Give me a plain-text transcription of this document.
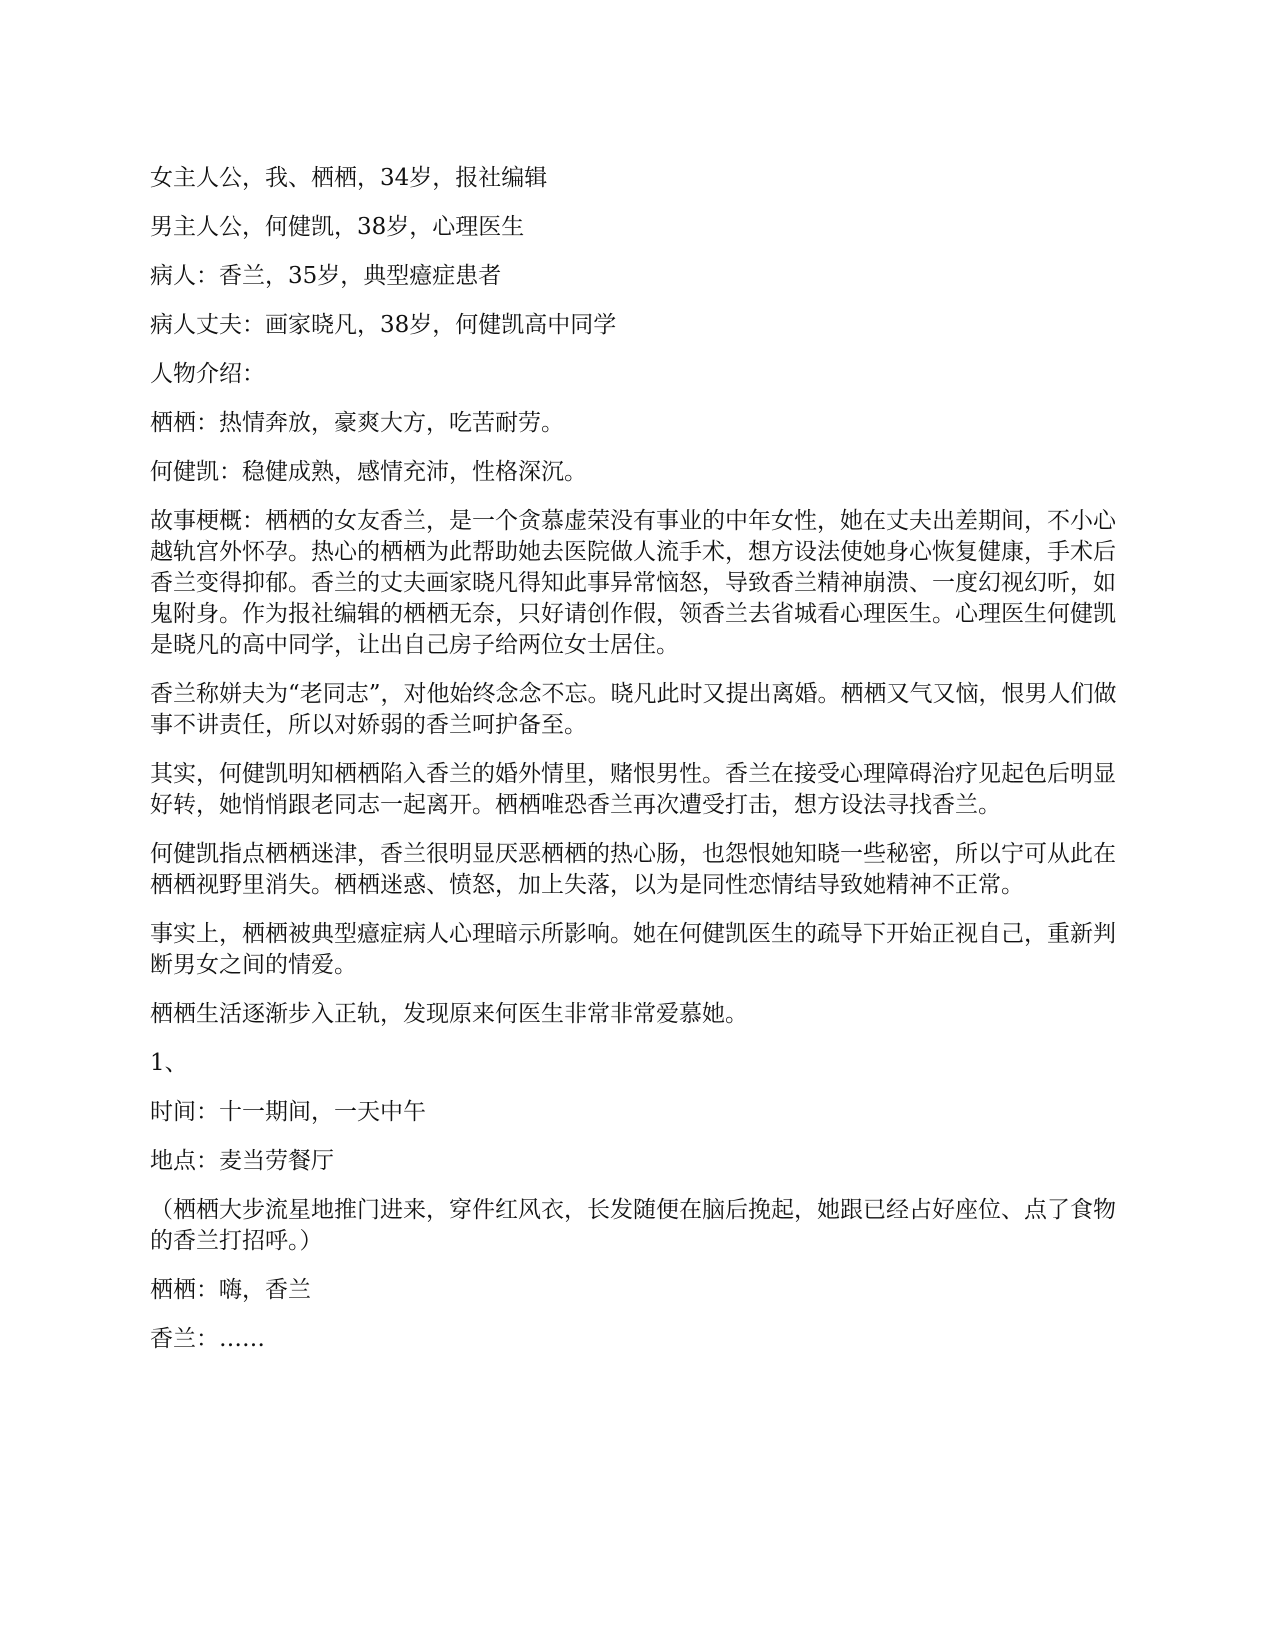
女主人公，我、栖栖，34岁，报社编辑

男主人公，何健凯，38岁，心理医生

病人：香兰，35岁，典型癔症患者

病人丈夫：画家晓凡，38岁，何健凯高中同学

人物介绍：

栖栖：热情奔放，豪爽大方，吃苦耐劳。

何健凯：稳健成熟，感情充沛，性格深沉。

故事梗概：栖栖的女友香兰，是一个贪慕虚荣没有事业的中年女性，她在丈夫出差期间，不小心越轨宫外怀孕。热心的栖栖为此帮助她去医院做人流手术，想方设法使她身心恢复健康，手术后香兰变得抑郁。香兰的丈夫画家晓凡得知此事异常恼怒，导致香兰精神崩溃、一度幻视幻听，如鬼附身。作为报社编辑的栖栖无奈，只好请创作假，领香兰去省城看心理医生。心理医生何健凯是晓凡的高中同学，让出自己房子给两位女士居住。

香兰称姘夫为“老同志”，对他始终念念不忘。晓凡此时又提出离婚。栖栖又气又恼，恨男人们做事不讲责任，所以对娇弱的香兰呵护备至。

其实，何健凯明知栖栖陷入香兰的婚外情里，赌恨男性。香兰在接受心理障碍治疗见起色后明显好转，她悄悄跟老同志一起离开。栖栖唯恐香兰再次遭受打击，想方设法寻找香兰。

何健凯指点栖栖迷津，香兰很明显厌恶栖栖的热心肠，也怨恨她知晓一些秘密，所以宁可从此在栖栖视野里消失。栖栖迷惑、愤怒，加上失落，以为是同性恋情结导致她精神不正常。

事实上，栖栖被典型癔症病人心理暗示所影响。她在何健凯医生的疏导下开始正视自己，重新判断男女之间的情爱。

栖栖生活逐渐步入正轨，发现原来何医生非常非常爱慕她。

1、

时间：十一期间，一天中午

地点：麦当劳餐厅

（栖栖大步流星地推门进来，穿件红风衣，长发随便在脑后挽起，她跟已经占好座位、点了食物的香兰打招呼。）

栖栖：嗨，香兰

香兰：……
